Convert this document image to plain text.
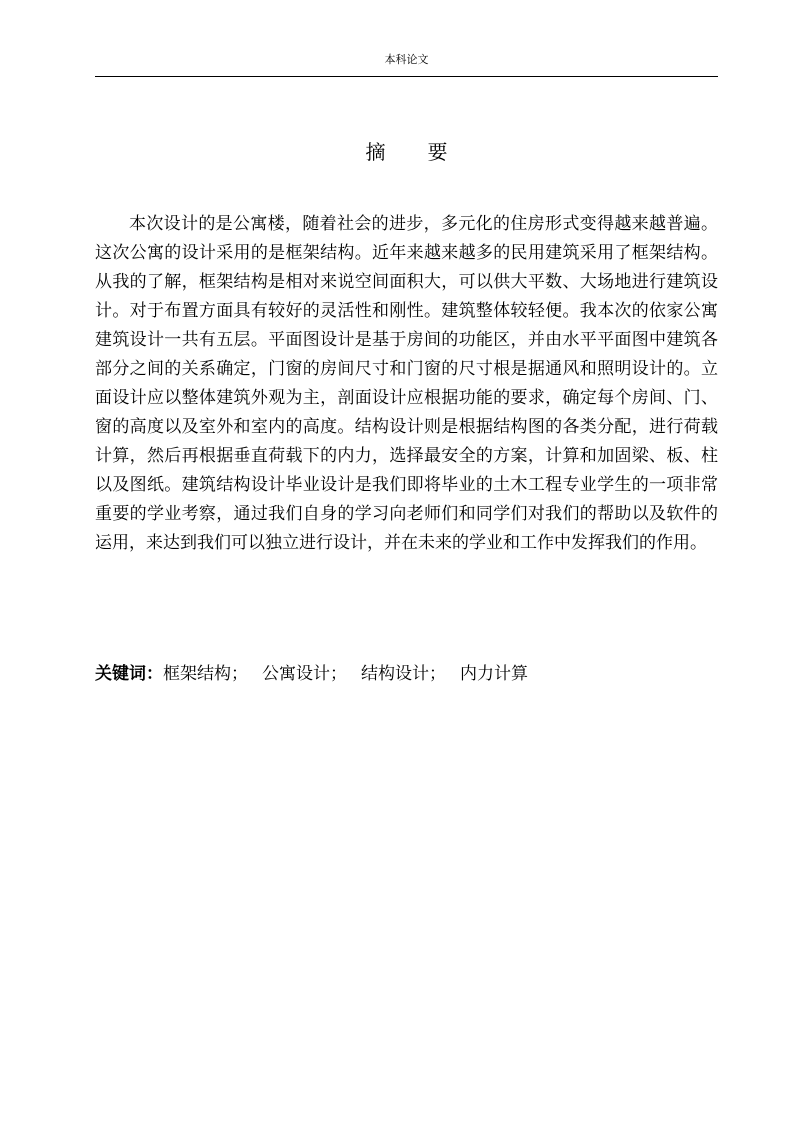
本科论文
摘 要

本次设计的是公寓楼，随着社会的进步，多元化的住房形式变得越来越普遍。这次公寓的设计采用的是框架结构。近年来越来越多的民用建筑采用了框架结构。从我的了解，框架结构是相对来说空间面积大，可以供大平数、大场地进行建筑设计。对于布置方面具有较好的灵活性和刚性。建筑整体较轻便。我本次的依家公寓建筑设计一共有五层。平面图设计是基于房间的功能区，并由水平平面图中建筑各部分之间的关系确定，门窗的房间尺寸和门窗的尺寸根是据通风和照明设计的。立面设计应以整体建筑外观为主，剖面设计应根据功能的要求，确定每个房间、门、窗的高度以及室外和室内的高度。结构设计则是根据结构图的各类分配，进行荷载计算，然后再根据垂直荷载下的内力，选择最安全的方案，计算和加固梁、板、柱以及图纸。建筑结构设计毕业设计是我们即将毕业的土木工程专业学生的一项非常重要的学业考察，通过我们自身的学习向老师们和同学们对我们的帮助以及软件的运用，来达到我们可以独立进行设计，并在未来的学业和工作中发挥我们的作用。

关键词：框架结构； 公寓设计； 结构设计； 内力计算
